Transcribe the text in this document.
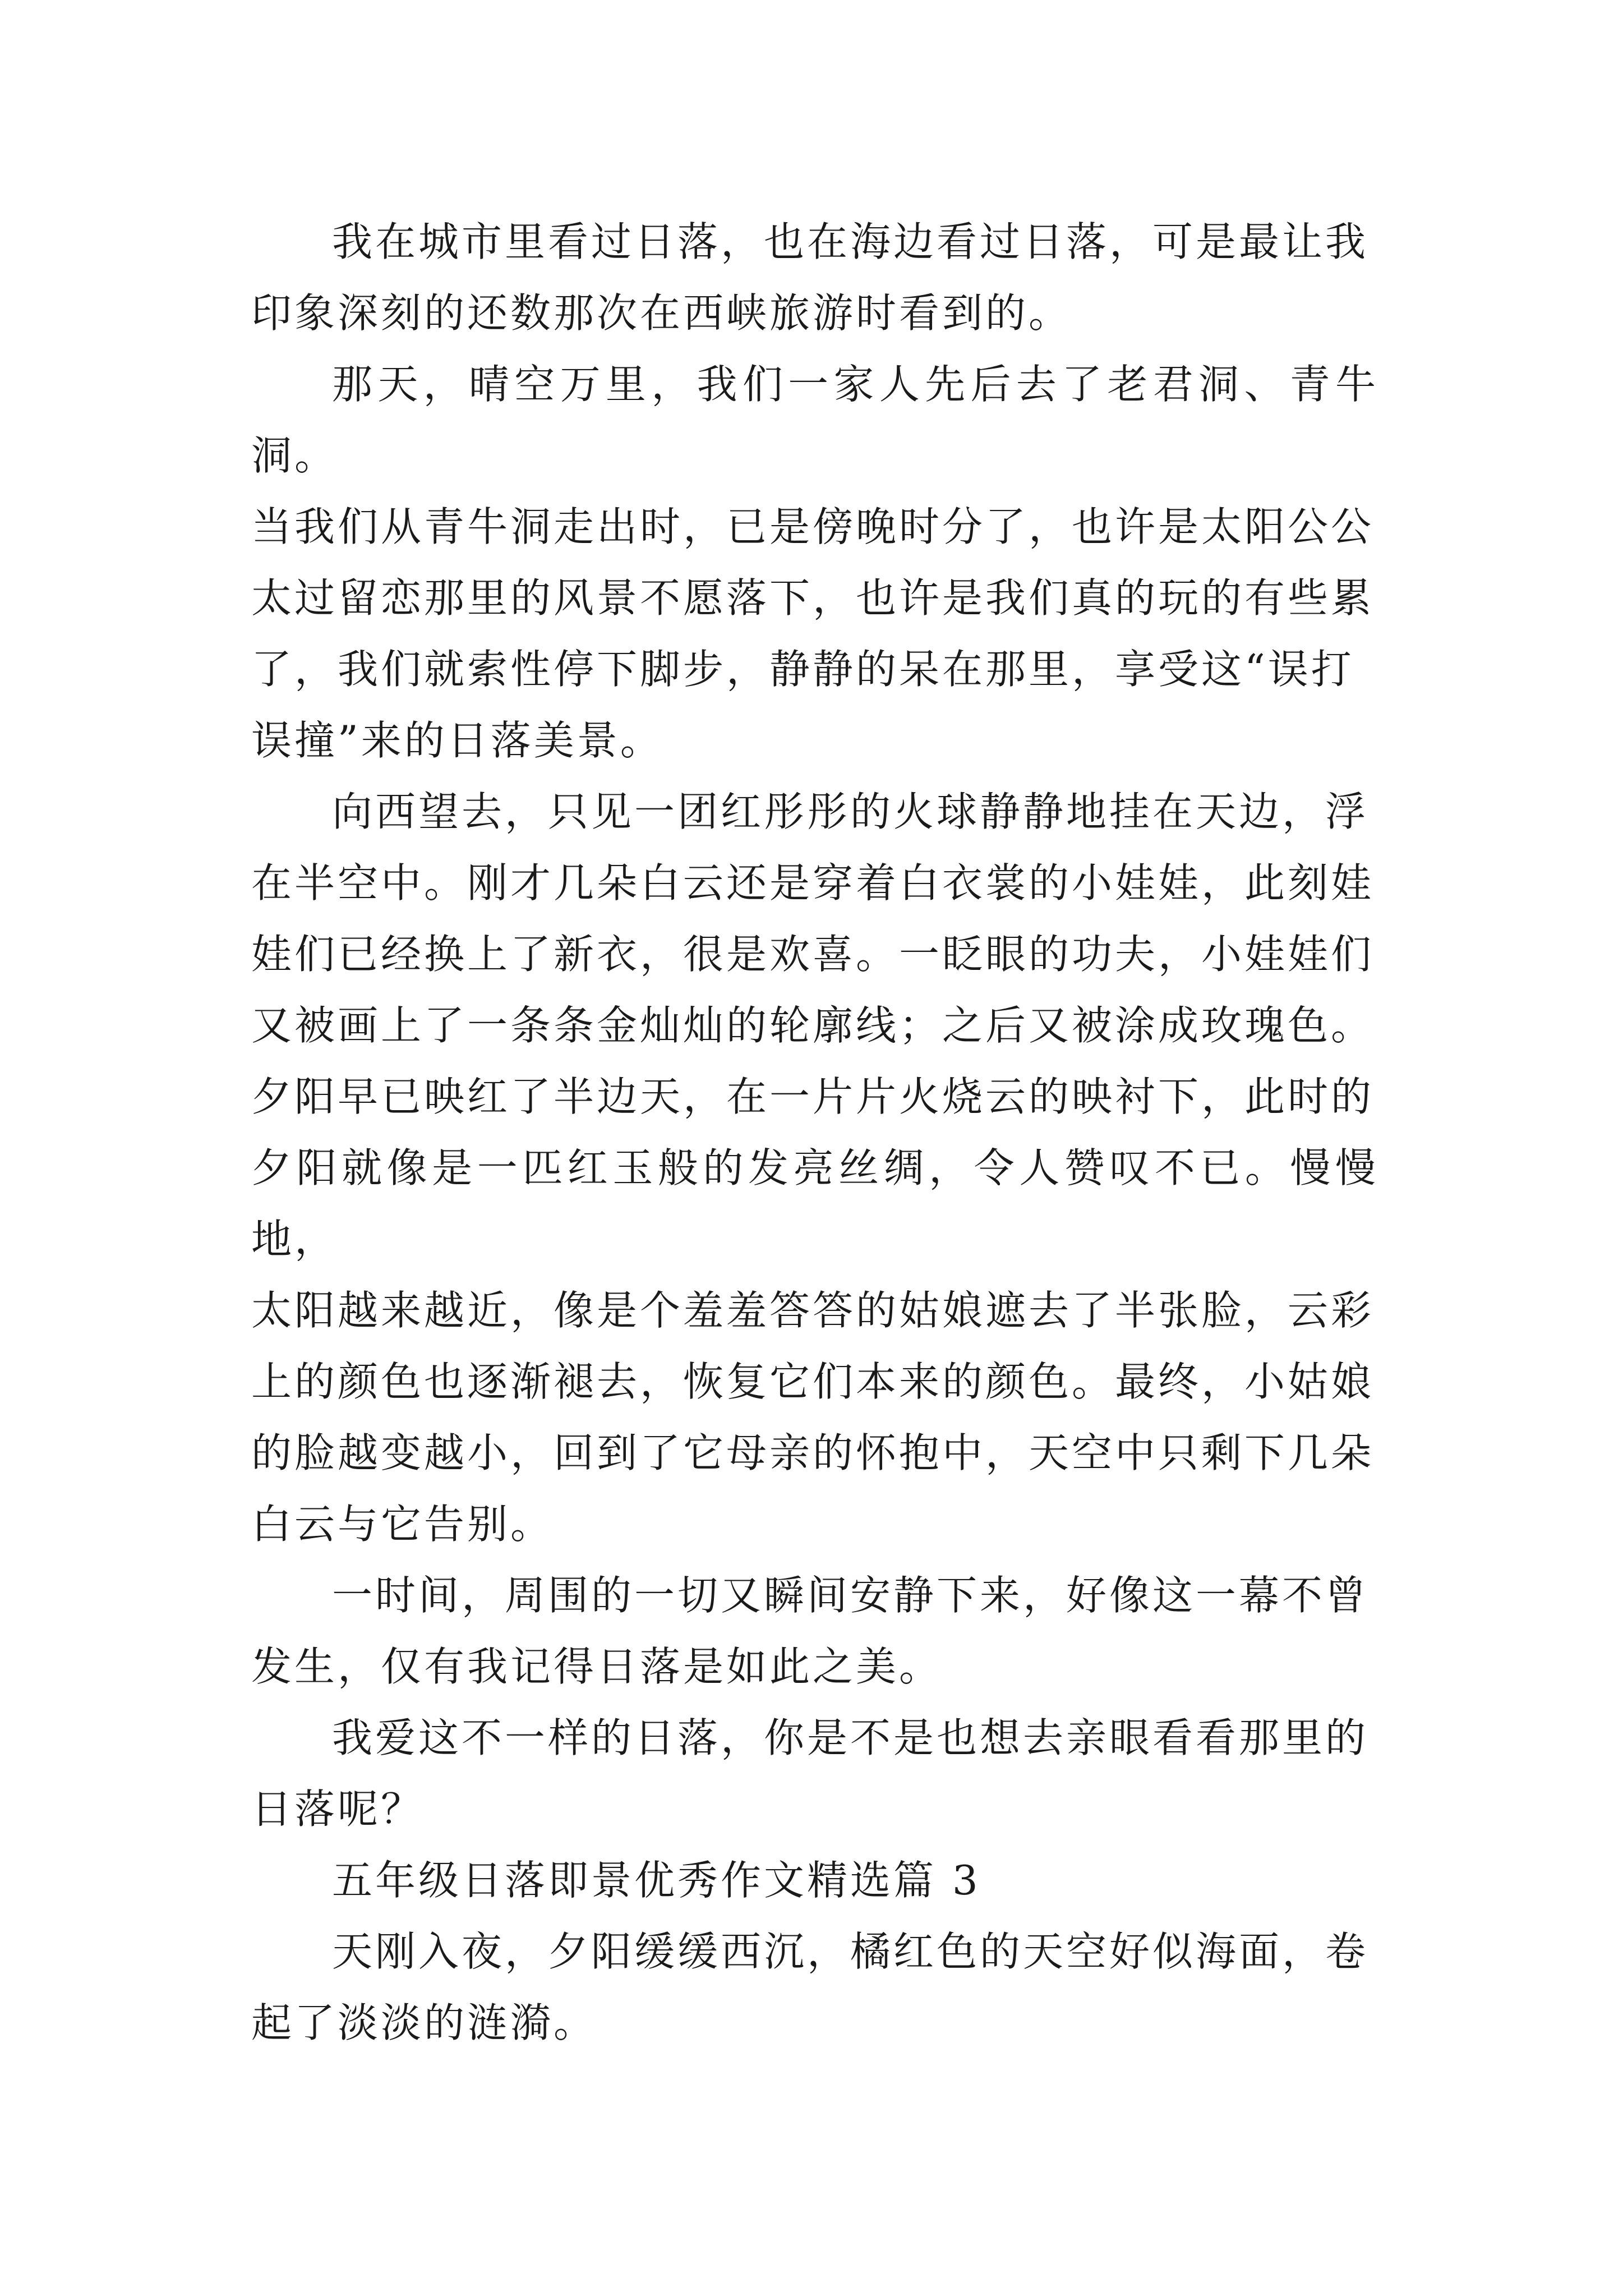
我在城市里看过日落，也在海边看过日落，可是最让我
印象深刻的还数那次在西峡旅游时看到的。

那天，晴空万里，我们一家人先后去了老君洞、青牛洞。
当我们从青牛洞走出时，已是傍晚时分了，也许是太阳公公
太过留恋那里的风景不愿落下，也许是我们真的玩的有些累
了，我们就索性停下脚步，静静的呆在那里，享受这“误打
误撞”来的日落美景。

向西望去，只见一团红彤彤的火球静静地挂在天边，浮
在半空中。刚才几朵白云还是穿着白衣裳的小娃娃，此刻娃
娃们已经换上了新衣，很是欢喜。一眨眼的功夫，小娃娃们
又被画上了一条条金灿灿的轮廓线；之后又被涂成玫瑰色。
夕阳早已映红了半边天，在一片片火烧云的映衬下，此时的
夕阳就像是一匹红玉般的发亮丝绸，令人赞叹不已。慢慢地，
太阳越来越近，像是个羞羞答答的姑娘遮去了半张脸，云彩
上的颜色也逐渐褪去，恢复它们本来的颜色。最终，小姑娘
的脸越变越小，回到了它母亲的怀抱中，天空中只剩下几朵
白云与它告别。

一时间，周围的一切又瞬间安静下来，好像这一幕不曾
发生，仅有我记得日落是如此之美。

我爱这不一样的日落，你是不是也想去亲眼看看那里的
日落呢？

五年级日落即景优秀作文精选篇 3

天刚入夜，夕阳缓缓西沉，橘红色的天空好似海面，卷
起了淡淡的涟漪。
